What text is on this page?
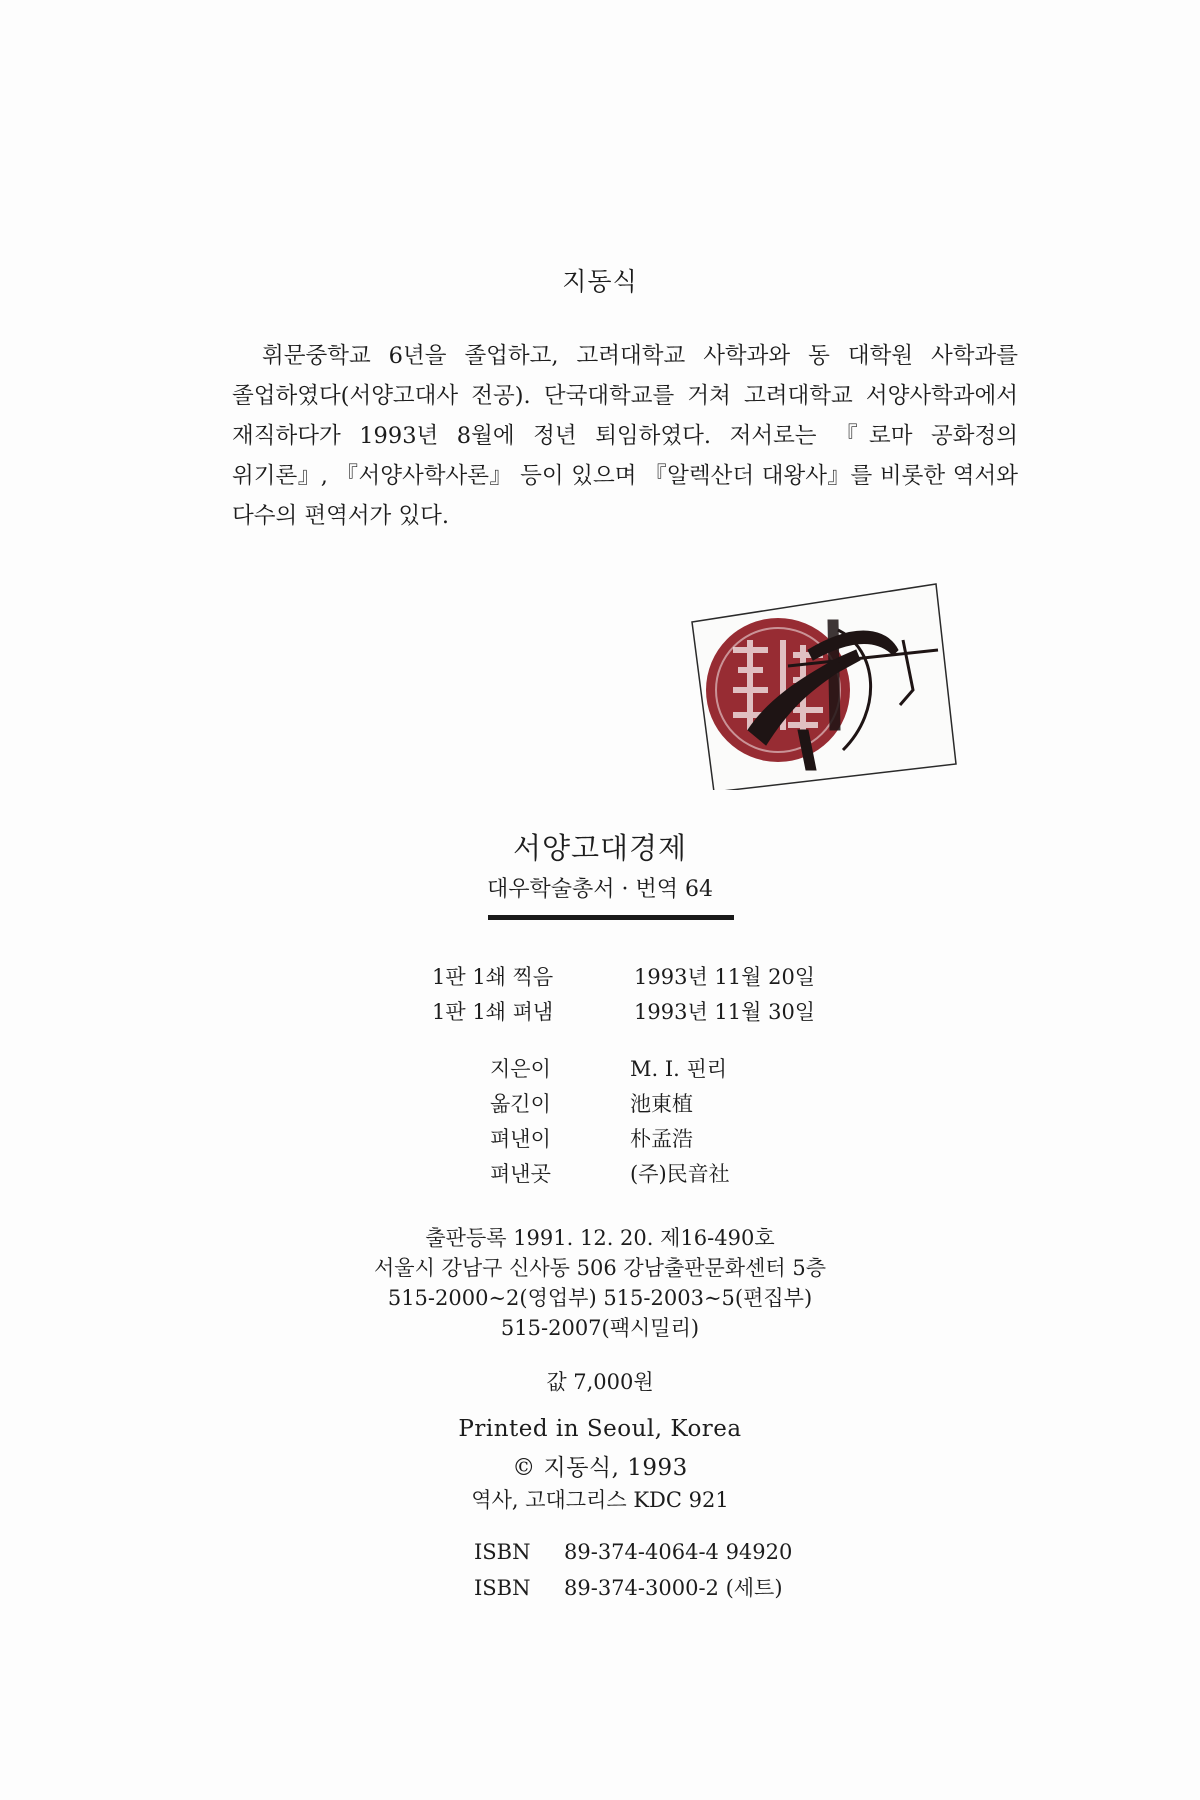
지동식
휘문중학교 6년을 졸업하고, 고려대학교 사학과와 동 대학원 사학과를 졸업하였다(서양고대사 전공). 단국대학교를 거쳐 고려대학교 서양사학과에서 재직하다가 1993년 8월에 정년 퇴임하였다. 저서로는 『로마 공화정의 위기론』, 『서양사학사론』 등이 있으며 『알렉산더 대왕사』를 비롯한 역서와 다수의 편역서가 있다.
서양고대경제
대우학술총서 · 번역 64
1판 1쇄 찍음	1993년 11월 20일
1판 1쇄 펴냄	1993년 11월 30일
지은이	M. I. 핀리
옮긴이	池東植
펴낸이	朴孟浩
펴낸곳	(주)民音社
출판등록 1991. 12. 20. 제16-490호
서울시 강남구 신사동 506 강남출판문화센터 5층
515-2000∼2(영업부) 515-2003∼5(편집부)
515-2007(팩시밀리)
값 7,000원
Printed in Seoul, Korea
© 지동식, 1993
역사, 고대그리스 KDC 921
ISBN 89-374-4064-4 94920
ISBN 89-374-3000-2 (세트)
